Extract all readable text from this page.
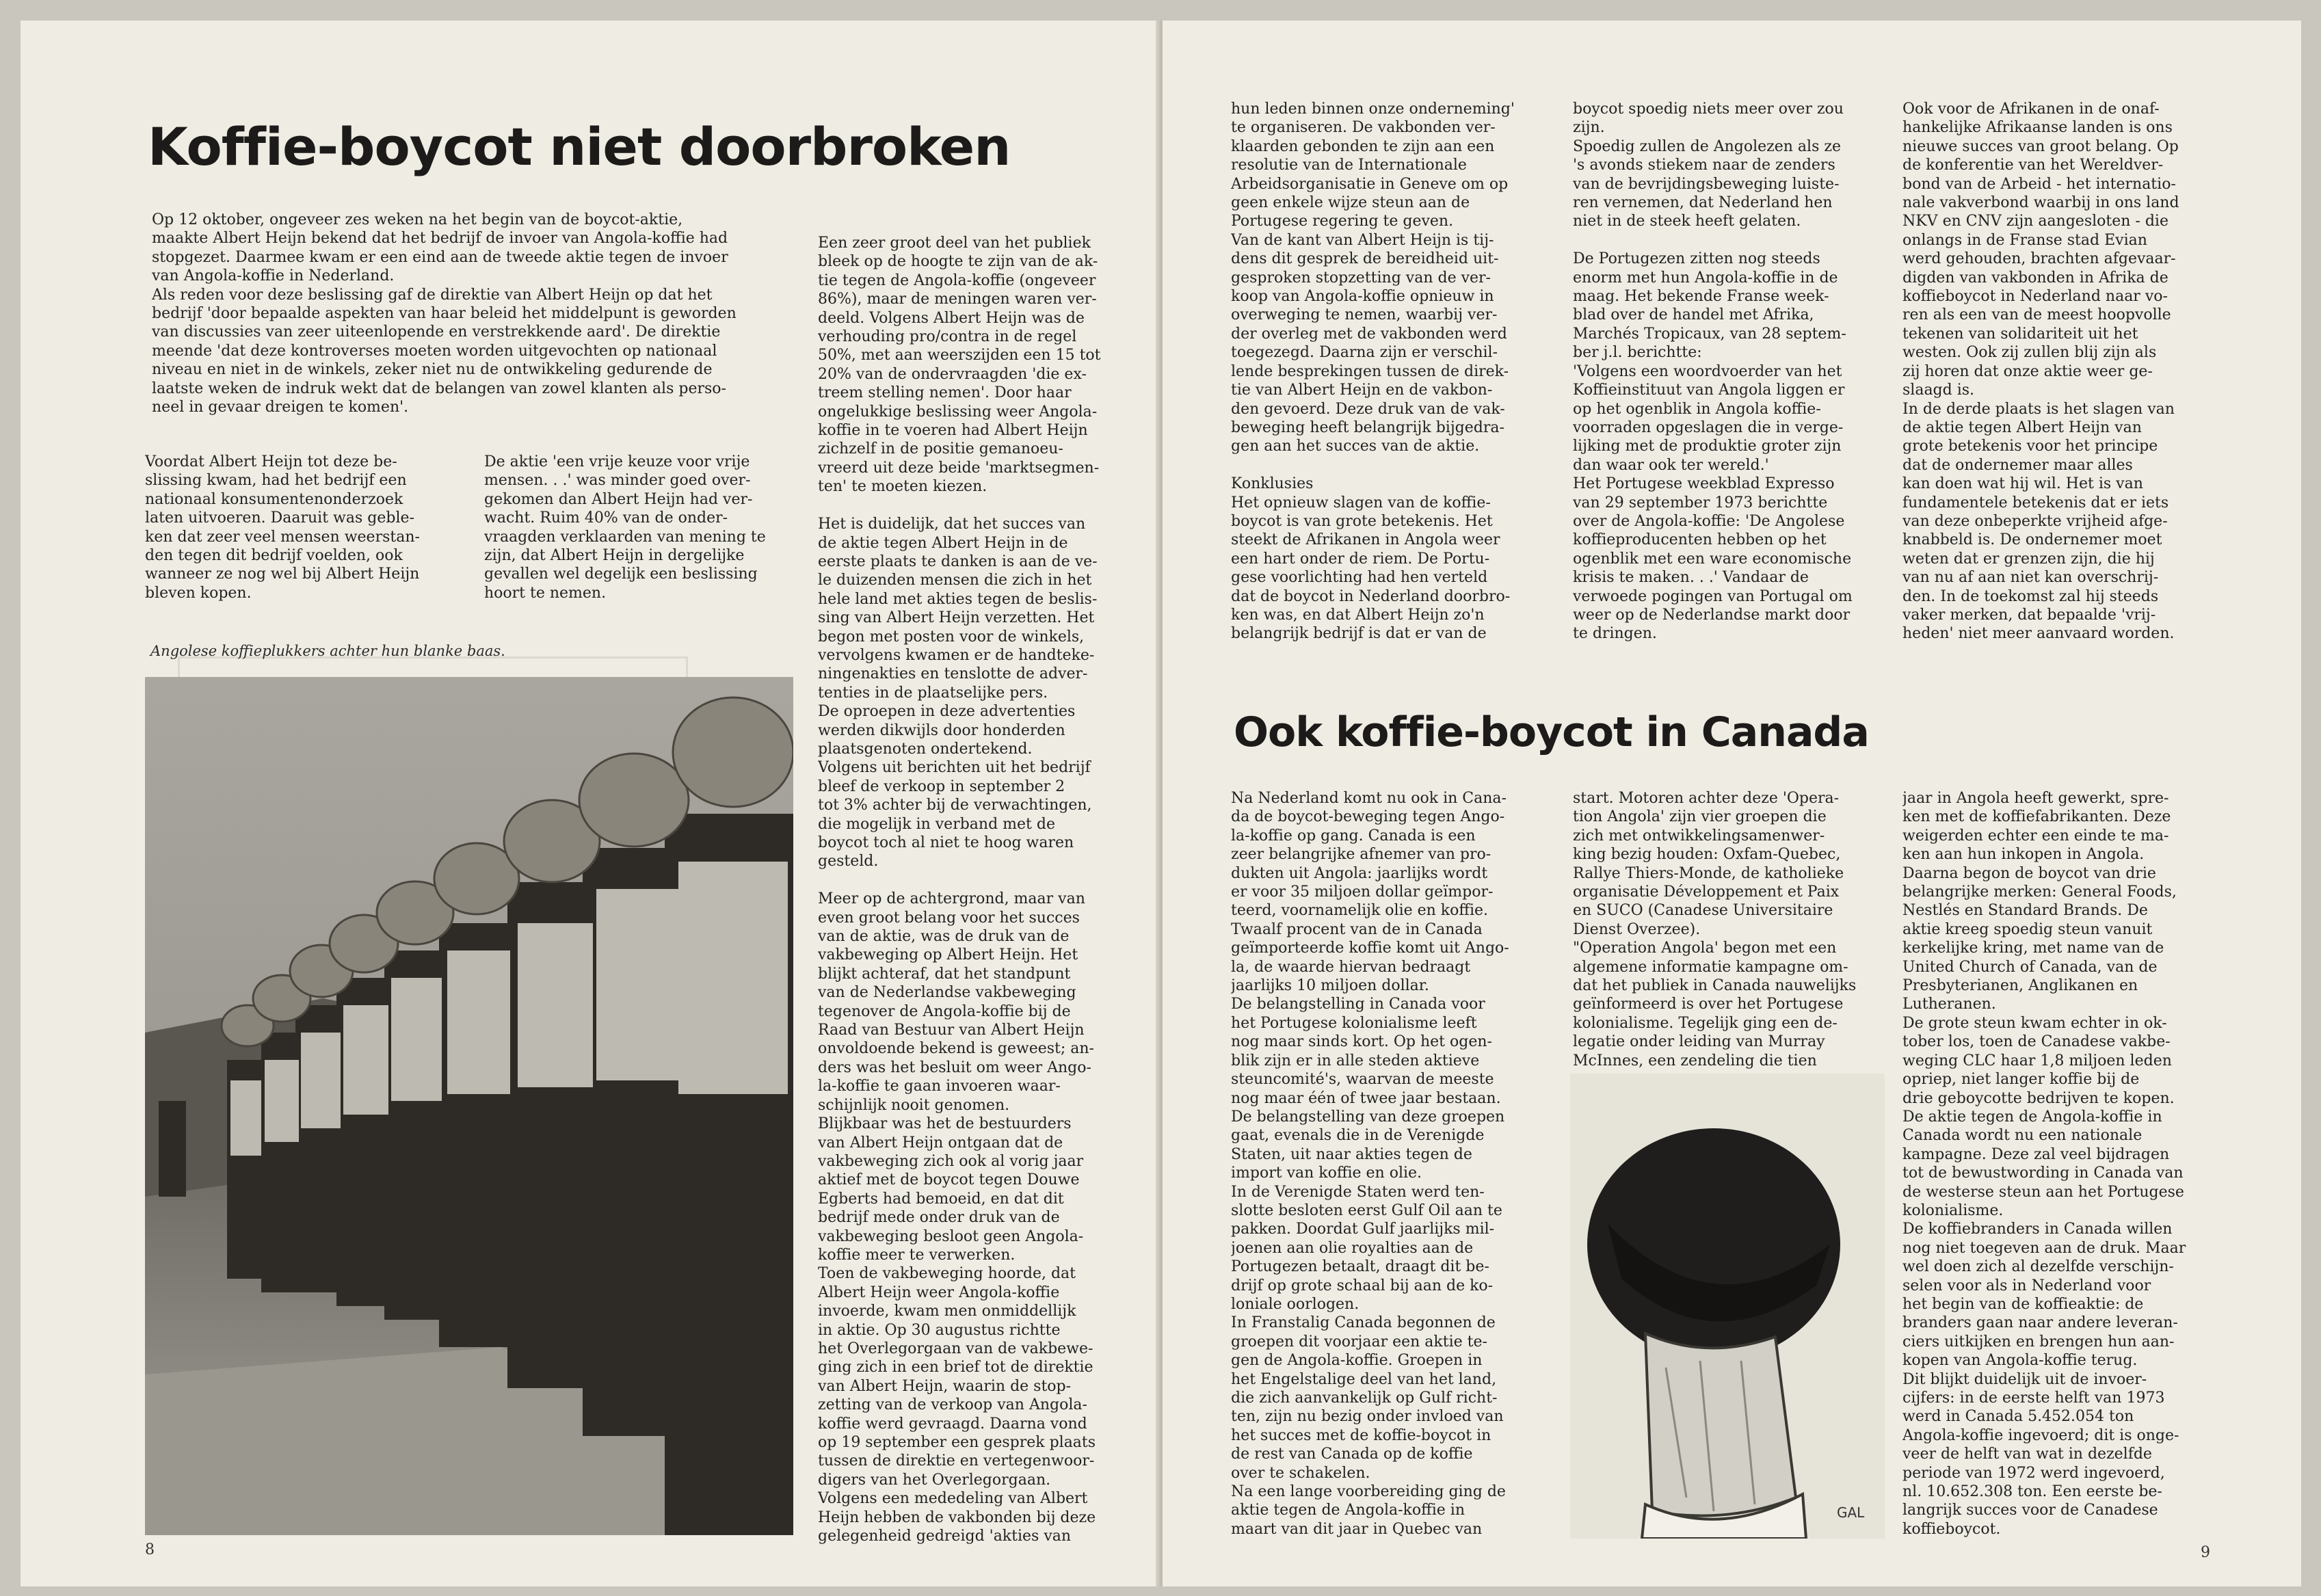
Koffie-boycot niet doorbroken
Op 12 oktober, ongeveer zes weken na het begin van de boycot-aktie,
maakte Albert Heijn bekend dat het bedrijf de invoer van Angola-koffie had
stopgezet. Daarmee kwam er een eind aan de tweede aktie tegen de invoer
van Angola-koffie in Nederland.
Als reden voor deze beslissing gaf de direktie van Albert Heijn op dat het
bedrijf 'door bepaalde aspekten van haar beleid het middelpunt is geworden
van discussies van zeer uiteenlopende en verstrekkende aard'. De direktie
meende 'dat deze kontroverses moeten worden uitgevochten op nationaal
niveau en niet in de winkels, zeker niet nu de ontwikkeling gedurende de
laatste weken de indruk wekt dat de belangen van zowel klanten als perso-
neel in gevaar dreigen te komen'.
Voordat Albert Heijn tot deze be-
slissing kwam, had het bedrijf een
nationaal konsumentenonderzoek
laten uitvoeren. Daaruit was geble-
ken dat zeer veel mensen weerstan-
den tegen dit bedrijf voelden, ook
wanneer ze nog wel bij Albert Heijn
bleven kopen.
De aktie 'een vrije keuze voor vrije
mensen. . .' was minder goed over-
gekomen dan Albert Heijn had ver-
wacht. Ruim 40% van de onder-
vraagden verklaarden van mening te
zijn, dat Albert Heijn in dergelijke
gevallen wel degelijk een beslissing
hoort te nemen.
Angolese koffieplukkers achter hun blanke baas.
Een zeer groot deel van het publiek
bleek op de hoogte te zijn van de ak-
tie tegen de Angola-koffie (ongeveer
86%), maar de meningen waren ver-
deeld. Volgens Albert Heijn was de
verhouding pro/contra in de regel
50%, met aan weerszijden een 15 tot
20% van de ondervraagden 'die ex-
treem stelling nemen'. Door haar
ongelukkige beslissing weer Angola-
koffie in te voeren had Albert Heijn
zichzelf in de positie gemanoeu-
vreerd uit deze beide 'marktsegmen-
ten' te moeten kiezen.

Het is duidelijk, dat het succes van
de aktie tegen Albert Heijn in de
eerste plaats te danken is aan de ve-
le duizenden mensen die zich in het
hele land met akties tegen de beslis-
sing van Albert Heijn verzetten. Het
begon met posten voor de winkels,
vervolgens kwamen er de handteke-
ningenakties en tenslotte de adver-
tenties in de plaatselijke pers.
De oproepen in deze advertenties
werden dikwijls door honderden
plaatsgenoten ondertekend.
Volgens uit berichten uit het bedrijf
bleef de verkoop in september 2
tot 3% achter bij de verwachtingen,
die mogelijk in verband met de
boycot toch al niet te hoog waren
gesteld.

Meer op de achtergrond, maar van
even groot belang voor het succes
van de aktie, was de druk van de
vakbeweging op Albert Heijn. Het
blijkt achteraf, dat het standpunt
van de Nederlandse vakbeweging
tegenover de Angola-koffie bij de
Raad van Bestuur van Albert Heijn
onvoldoende bekend is geweest; an-
ders was het besluit om weer Ango-
la-koffie te gaan invoeren waar-
schijnlijk nooit genomen.
Blijkbaar was het de bestuurders
van Albert Heijn ontgaan dat de
vakbeweging zich ook al vorig jaar
aktief met de boycot tegen Douwe
Egberts had bemoeid, en dat dit
bedrijf mede onder druk van de
vakbeweging besloot geen Angola-
koffie meer te verwerken.
Toen de vakbeweging hoorde, dat
Albert Heijn weer Angola-koffie
invoerde, kwam men onmiddellijk
in aktie. Op 30 augustus richtte
het Overlegorgaan van de vakbewe-
ging zich in een brief tot de direktie
van Albert Heijn, waarin de stop-
zetting van de verkoop van Angola-
koffie werd gevraagd. Daarna vond
op 19 september een gesprek plaats
tussen de direktie en vertegenwoor-
digers van het Overlegorgaan.
Volgens een mededeling van Albert
Heijn hebben de vakbonden bij deze
gelegenheid gedreigd 'akties van
8
hun leden binnen onze onderneming'
te organiseren. De vakbonden ver-
klaarden gebonden te zijn aan een
resolutie van de Internationale
Arbeidsorganisatie in Geneve om op
geen enkele wijze steun aan de
Portugese regering te geven.
Van de kant van Albert Heijn is tij-
dens dit gesprek de bereidheid uit-
gesproken stopzetting van de ver-
koop van Angola-koffie opnieuw in
overweging te nemen, waarbij ver-
der overleg met de vakbonden werd
toegezegd. Daarna zijn er verschil-
lende besprekingen tussen de direk-
tie van Albert Heijn en de vakbon-
den gevoerd. Deze druk van de vak-
beweging heeft belangrijk bijgedra-
gen aan het succes van de aktie.

Konklusies
Het opnieuw slagen van de koffie-
boycot is van grote betekenis. Het
steekt de Afrikanen in Angola weer
een hart onder de riem. De Portu-
gese voorlichting had hen verteld
dat de boycot in Nederland doorbro-
ken was, en dat Albert Heijn zo'n
belangrijk bedrijf is dat er van de
boycot spoedig niets meer over zou
zijn.
Spoedig zullen de Angolezen als ze
's avonds stiekem naar de zenders
van de bevrijdingsbeweging luiste-
ren vernemen, dat Nederland hen
niet in de steek heeft gelaten.

De Portugezen zitten nog steeds
enorm met hun Angola-koffie in de
maag. Het bekende Franse week-
blad over de handel met Afrika,
Marchés Tropicaux, van 28 septem-
ber j.l. berichtte:
'Volgens een woordvoerder van het
Koffieinstituut van Angola liggen er
op het ogenblik in Angola koffie-
voorraden opgeslagen die in verge-
lijking met de produktie groter zijn
dan waar ook ter wereld.'
Het Portugese weekblad Expresso
van 29 september 1973 berichtte
over de Angola-koffie: 'De Angolese
koffieproducenten hebben op het
ogenblik met een ware economische
krisis te maken. . .' Vandaar de
verwoede pogingen van Portugal om
weer op de Nederlandse markt door
te dringen.
Ook voor de Afrikanen in de onaf-
hankelijke Afrikaanse landen is ons
nieuwe succes van groot belang. Op
de konferentie van het Wereldver-
bond van de Arbeid - het internatio-
nale vakverbond waarbij in ons land
NKV en CNV zijn aangesloten - die
onlangs in de Franse stad Evian
werd gehouden, brachten afgevaar-
digden van vakbonden in Afrika de
koffieboycot in Nederland naar vo-
ren als een van de meest hoopvolle
tekenen van solidariteit uit het
westen. Ook zij zullen blij zijn als
zij horen dat onze aktie weer ge-
slaagd is.
In de derde plaats is het slagen van
de aktie tegen Albert Heijn van
grote betekenis voor het principe
dat de ondernemer maar alles
kan doen wat hij wil. Het is van
fundamentele betekenis dat er iets
van deze onbeperkte vrijheid afge-
knabbeld is. De ondernemer moet
weten dat er grenzen zijn, die hij
van nu af aan niet kan overschrij-
den. In de toekomst zal hij steeds
vaker merken, dat bepaalde 'vrij-
heden' niet meer aanvaard worden.
Ook koffie-boycot in Canada
Na Nederland komt nu ook in Cana-
da de boycot-beweging tegen Ango-
la-koffie op gang. Canada is een
zeer belangrijke afnemer van pro-
dukten uit Angola: jaarlijks wordt
er voor 35 miljoen dollar geïmpor-
teerd, voornamelijk olie en koffie.
Twaalf procent van de in Canada
geïmporteerde koffie komt uit Ango-
la, de waarde hiervan bedraagt
jaarlijks 10 miljoen dollar.
De belangstelling in Canada voor
het Portugese kolonialisme leeft
nog maar sinds kort. Op het ogen-
blik zijn er in alle steden aktieve
steuncomité's, waarvan de meeste
nog maar één of twee jaar bestaan.
De belangstelling van deze groepen
gaat, evenals die in de Verenigde
Staten, uit naar akties tegen de
import van koffie en olie.
In de Verenigde Staten werd ten-
slotte besloten eerst Gulf Oil aan te
pakken. Doordat Gulf jaarlijks mil-
joenen aan olie royalties aan de
Portugezen betaalt, draagt dit be-
drijf op grote schaal bij aan de ko-
loniale oorlogen.
In Franstalig Canada begonnen de
groepen dit voorjaar een aktie te-
gen de Angola-koffie. Groepen in
het Engelstalige deel van het land,
die zich aanvankelijk op Gulf richt-
ten, zijn nu bezig onder invloed van
het succes met de koffie-boycot in
de rest van Canada op de koffie
over te schakelen.
Na een lange voorbereiding ging de
aktie tegen de Angola-koffie in
maart van dit jaar in Quebec van
start. Motoren achter deze 'Opera-
tion Angola' zijn vier groepen die
zich met ontwikkelingsamenwer-
king bezig houden: Oxfam-Quebec,
Rallye Thiers-Monde, de katholieke
organisatie Développement et Paix
en SUCO (Canadese Universitaire
Dienst Overzee).
"Operation Angola' begon met een
algemene informatie kampagne om-
dat het publiek in Canada nauwelijks
geïnformeerd is over het Portugese
kolonialisme. Tegelijk ging een de-
legatie onder leiding van Murray
McInnes, een zendeling die tien
GAL
jaar in Angola heeft gewerkt, spre-
ken met de koffiefabrikanten. Deze
weigerden echter een einde te ma-
ken aan hun inkopen in Angola.
Daarna begon de boycot van drie
belangrijke merken: General Foods,
Nestlés en Standard Brands. De
aktie kreeg spoedig steun vanuit
kerkelijke kring, met name van de
United Church of Canada, van de
Presbyterianen, Anglikanen en
Lutheranen.
De grote steun kwam echter in ok-
tober los, toen de Canadese vakbe-
weging CLC haar 1,8 miljoen leden
opriep, niet langer koffie bij de
drie geboycotte bedrijven te kopen.
De aktie tegen de Angola-koffie in
Canada wordt nu een nationale
kampagne. Deze zal veel bijdragen
tot de bewustwording in Canada van
de westerse steun aan het Portugese
kolonialisme.
De koffiebranders in Canada willen
nog niet toegeven aan de druk. Maar
wel doen zich al dezelfde verschijn-
selen voor als in Nederland voor
het begin van de koffieaktie: de
branders gaan naar andere leveran-
ciers uitkijken en brengen hun aan-
kopen van Angola-koffie terug.
Dit blijkt duidelijk uit de invoer-
cijfers: in de eerste helft van 1973
werd in Canada 5.452.054 ton
Angola-koffie ingevoerd; dit is onge-
veer de helft van wat in dezelfde
periode van 1972 werd ingevoerd,
nl. 10.652.308 ton. Een eerste be-
langrijk succes voor de Canadese
koffieboycot.
9
